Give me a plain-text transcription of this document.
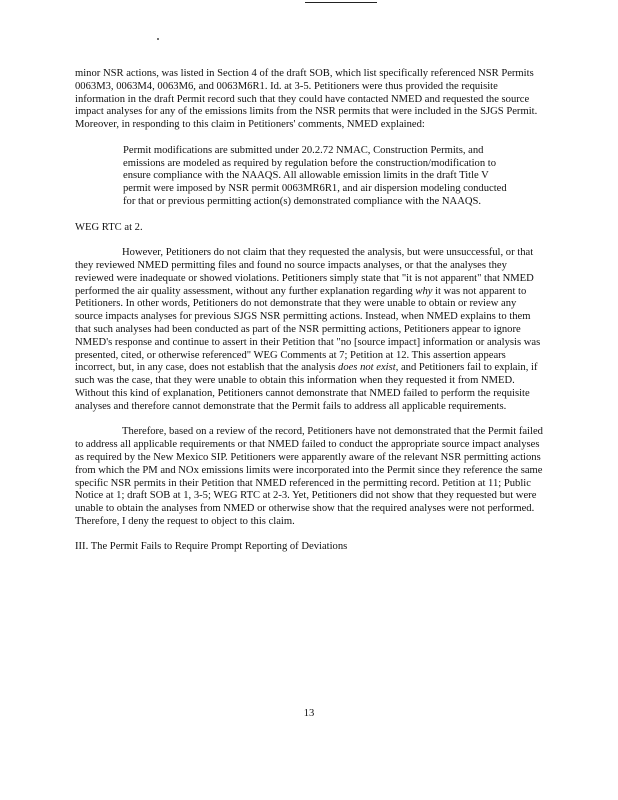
minor NSR actions, was listed in Section 4 of the draft SOB, which list specifically referenced NSR Permits 0063M3, 0063M4, 0063M6, and 0063M6R1. Id. at 3-5. Petitioners were thus provided the requisite information in the draft Permit record such that they could have contacted NMED and requested the source impact analyses for any of the emissions limits from the NSR permits that were included in the SJGS Permit. Moreover, in responding to this claim in Petitioners' comments, NMED explained:

Permit modifications are submitted under 20.2.72 NMAC, Construction Permits, and emissions are modeled as required by regulation before the construction/modification to ensure compliance with the NAAQS. All allowable emission limits in the draft Title V permit were imposed by NSR permit 0063MR6R1, and air dispersion modeling conducted for that or previous permitting action(s) demonstrated compliance with the NAAQS.

WEG RTC at 2.

However, Petitioners do not claim that they requested the analysis, but were unsuccessful, or that they reviewed NMED permitting files and found no source impacts analyses, or that the analyses they reviewed were inadequate or showed violations. Petitioners simply state that "it is not apparent" that NMED performed the air quality assessment, without any further explanation regarding why it was not apparent to Petitioners. In other words, Petitioners do not demonstrate that they were unable to obtain or review any source impacts analyses for previous SJGS NSR permitting actions. Instead, when NMED explains to them that such analyses had been conducted as part of the NSR permitting actions, Petitioners appear to ignore NMED's response and continue to assert in their Petition that "no [source impact] information or analysis was presented, cited, or otherwise referenced" WEG Comments at 7; Petition at 12. This assertion appears incorrect, but, in any case, does not establish that the analysis does not exist, and Petitioners fail to explain, if such was the case, that they were unable to obtain this information when they requested it from NMED. Without this kind of explanation, Petitioners cannot demonstrate that NMED failed to perform the requisite analyses and therefore cannot demonstrate that the Permit fails to address all applicable requirements.

Therefore, based on a review of the record, Petitioners have not demonstrated that the Permit failed to address all applicable requirements or that NMED failed to conduct the appropriate source impact analyses as required by the New Mexico SIP. Petitioners were apparently aware of the relevant NSR permitting actions from which the PM and NOx emissions limits were incorporated into the Permit since they reference the same specific NSR permits in their Petition that NMED referenced in the permitting record. Petition at 11; Public Notice at 1; draft SOB at 1, 3-5; WEG RTC at 2-3. Yet, Petitioners did not show that they requested but were unable to obtain the analyses from NMED or otherwise show that the required analyses were not performed. Therefore, I deny the request to object to this claim.

III. The Permit Fails to Require Prompt Reporting of Deviations

13
